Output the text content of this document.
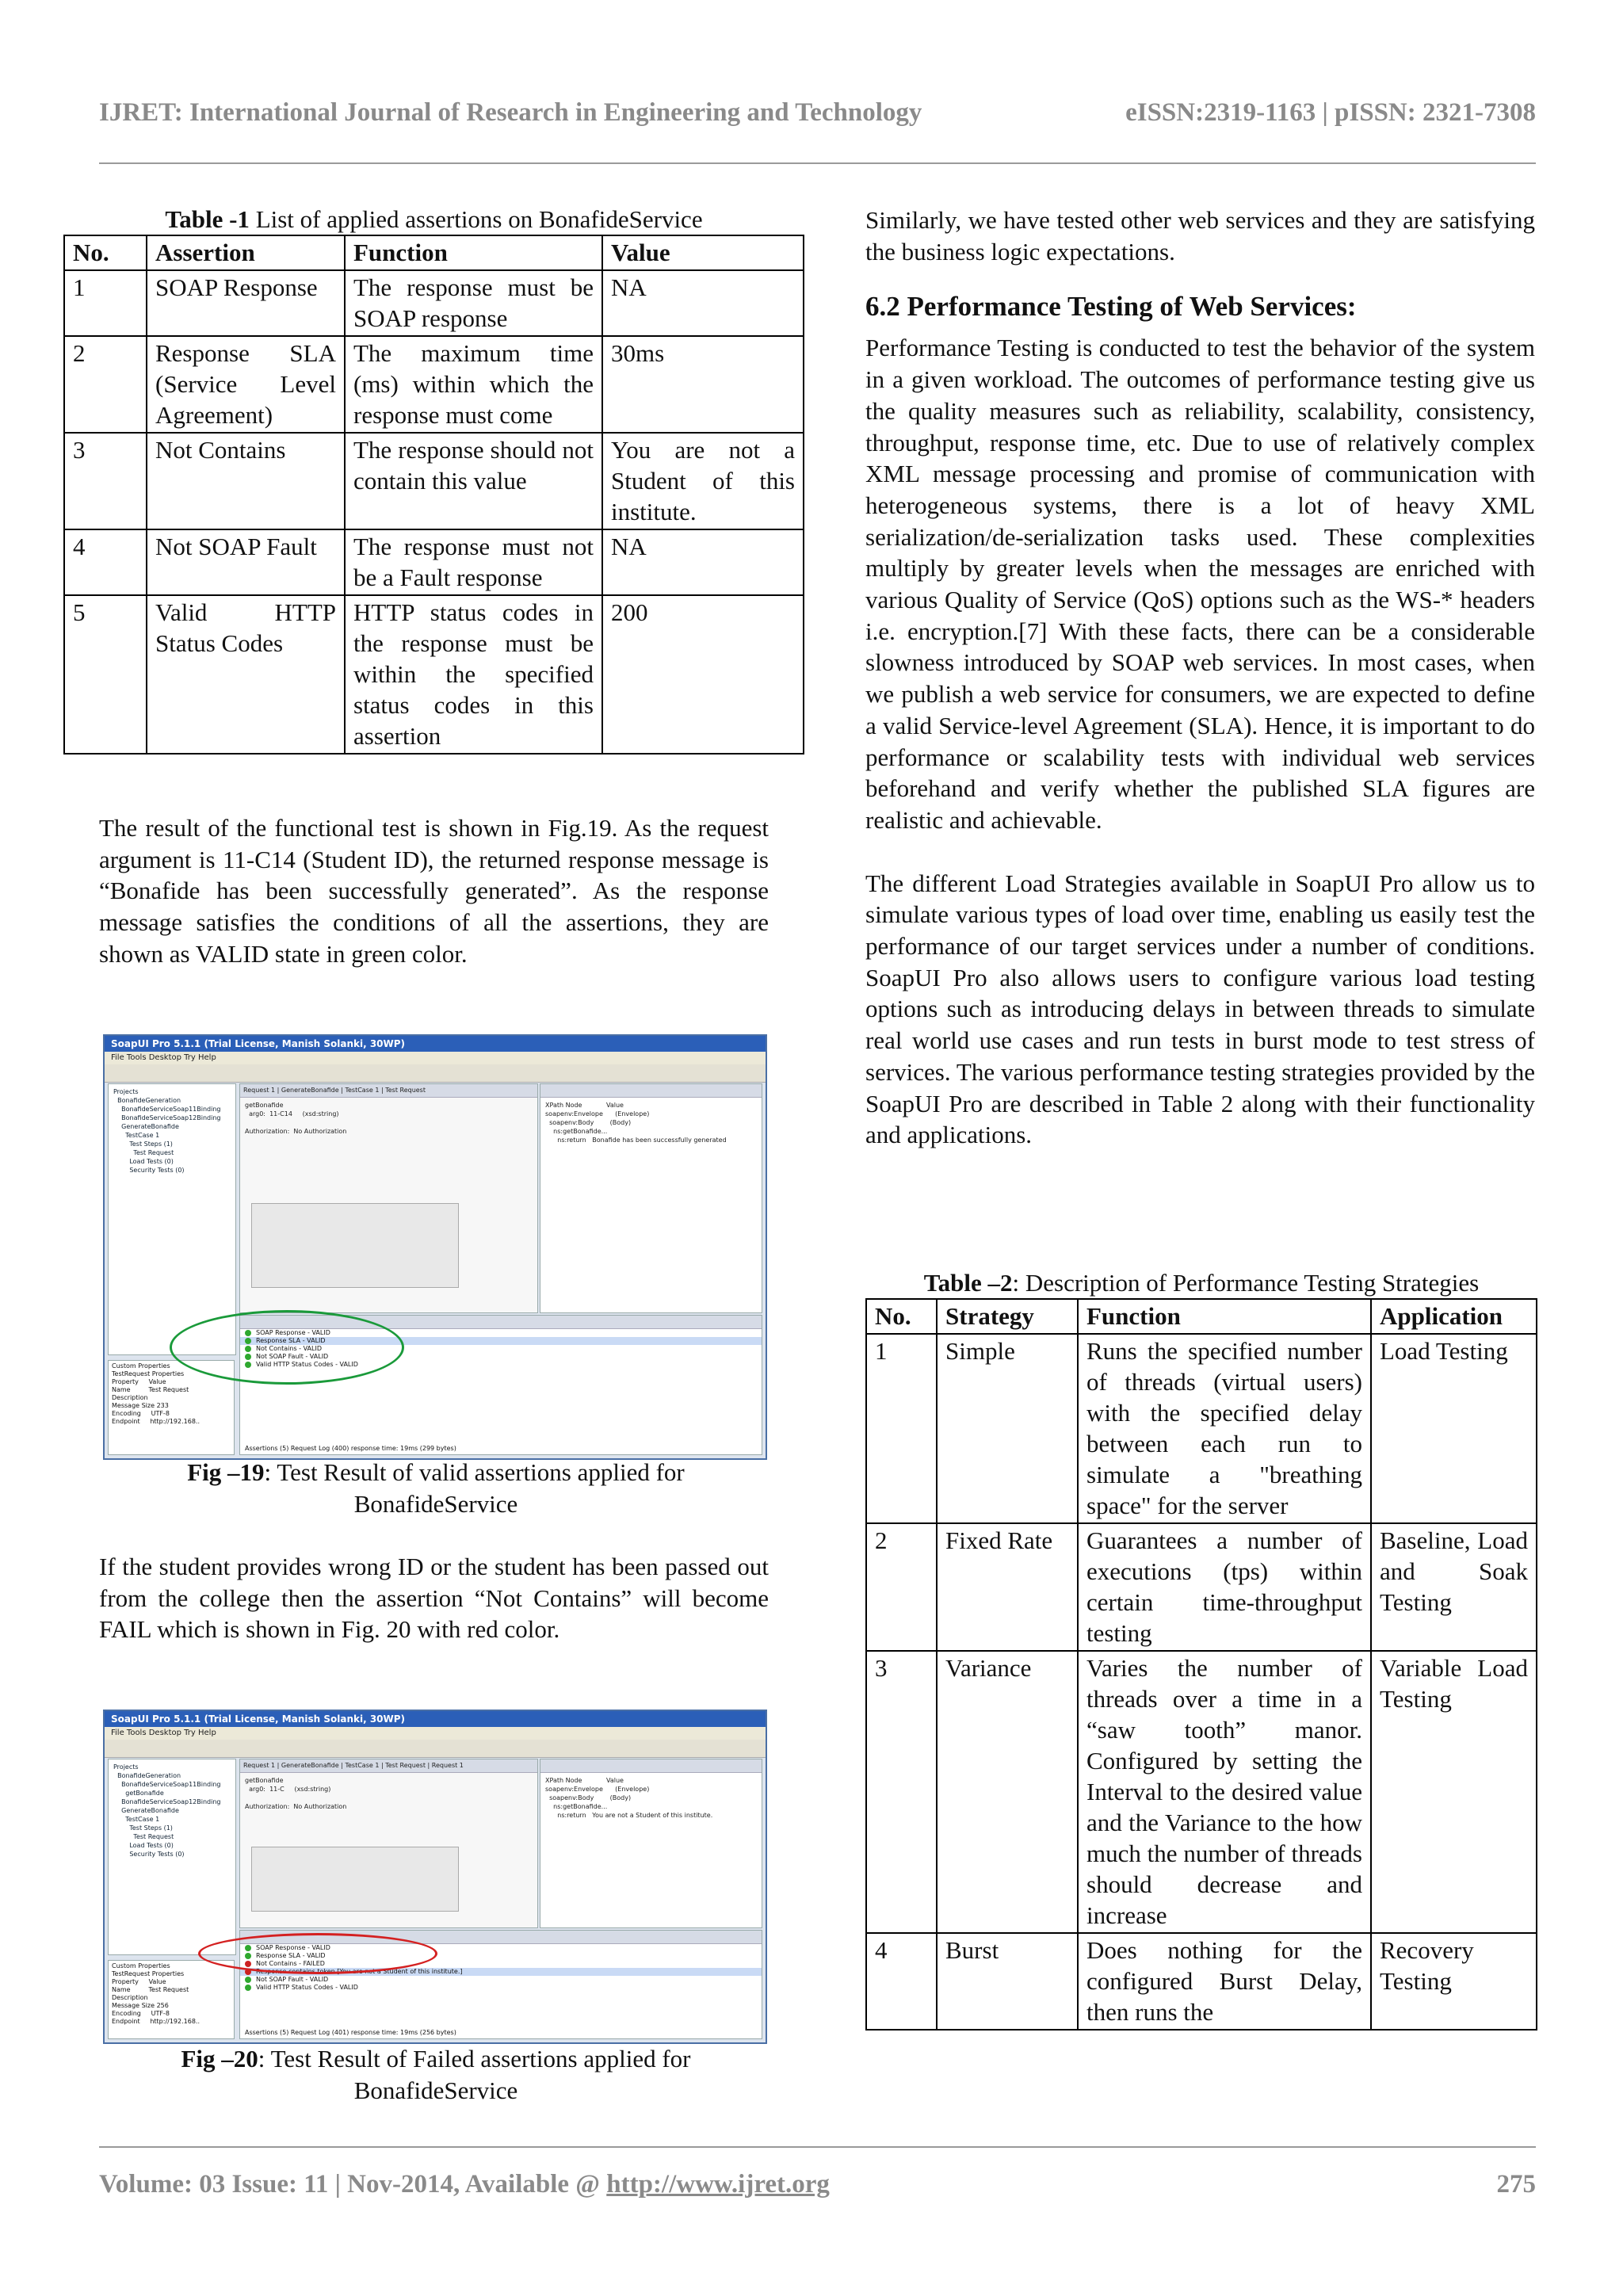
IJRET: International Journal of Research in Engineering and Technology	eISSN:2319-1163 | pISSN: 2321-7308
Table -1 List of applied assertions on BonafideService
No.	Assertion	Function	Value
1	SOAP Response	The response must be SOAP response	NA
2	Response SLA (Service Level Agreement)	The maximum time (ms) within which the response must come	30ms
3	Not Contains	The response should not contain this value	You are not a Student of this institute.
4	Not SOAP Fault	The response must not be a Fault response	NA
5	Valid HTTP Status Codes	HTTP status codes in the response must be within the specified status codes in this assertion	200

The result of the functional test is shown in Fig.19. As the request argument is 11-C14 (Student ID), the returned response message is “Bonafide has been successfully generated”. As the response message satisfies the conditions of all the assertions, they are shown as VALID state in green color.

SoapUI Pro 5.1.1 (Trial License, Manish Solanki, 30WP)
File Tools Desktop Try Help
Projects
BonafideGeneration
BonafideServiceSoap11Binding
BonafideServiceSoap12Binding
GenerateBonafide
TestCase 1
Test Steps (1)
Test Request
Load Tests (0)
Security Tests (0)
Custom Properties
TestRequest Properties
Property     Value
Name         Test Request
Description
Message Size 233
Encoding     UTF-8
Endpoint     http://192.168..
Request 1 | GenerateBonafide | TestCase 1 | Test Request
getBonafide
arg0:  11-C14     (xsd:string)

Authorization:  No Authorization
XPath Node            Value
soapenv:Envelope      (Envelope)
soapenv:Body        (Body)
ns:getBonafide...
ns:return   Bonafide has been successfully generated
SOAP Response - VALID
Response SLA - VALID
Not Contains - VALID
Not SOAP Fault - VALID
Valid HTTP Status Codes - VALID
Assertions (5) Request Log (400) response time: 19ms (299 bytes)
Fig –19: Test Result of valid assertions applied for BonafideService

If the student provides wrong ID or the student has been passed out from the college then the assertion “Not Contains” will become FAIL which is shown in Fig. 20 with red color.

SoapUI Pro 5.1.1 (Trial License, Manish Solanki, 30WP)
File Tools Desktop Try Help
Projects
BonafideGeneration
BonafideServiceSoap11Binding
getBonafide
BonafideServiceSoap12Binding
GenerateBonafide
TestCase 1
Test Steps (1)
Test Request
Load Tests (0)
Security Tests (0)
Custom Properties
TestRequest Properties
Property     Value
Name         Test Request
Description
Message Size 256
Encoding     UTF-8
Endpoint     http://192.168..
Request 1 | GenerateBonafide | TestCase 1 | Test Request | Request 1
getBonafide
arg0:  11-C     (xsd:string)

Authorization:  No Authorization
XPath Node            Value
soapenv:Envelope      (Envelope)
soapenv:Body        (Body)
ns:getBonafide...
ns:return   You are not a Student of this institute.
SOAP Response - VALID
Response SLA - VALID
Not Contains - FAILED
Response contains token [You are not a Student of this institute.]
Not SOAP Fault - VALID
Valid HTTP Status Codes - VALID
Assertions (5) Request Log (401) response time: 19ms (256 bytes)
Fig –20: Test Result of Failed assertions applied for BonafideService

Similarly, we have tested other web services and they are satisfying the business logic expectations.

6.2 Performance Testing of Web Services:

Performance Testing is conducted to test the behavior of the system in a given workload. The outcomes of performance testing give us the quality measures such as reliability, scalability, consistency, throughput, response time, etc. Due to use of relatively complex XML message processing and promise of communication with heterogeneous systems, there is a lot of heavy XML serialization/de-serialization tasks used. These complexities multiply by greater levels when the messages are enriched with various Quality of Service (QoS) options such as the WS-* headers i.e. encryption.[7] With these facts, there can be a considerable slowness introduced by SOAP web services. In most cases, when we publish a web service for consumers, we are expected to define a valid Service-level Agreement (SLA). Hence, it is important to do performance or scalability tests with individual web services beforehand and verify whether the published SLA figures are realistic and achievable.

The different Load Strategies available in SoapUI Pro allow us to simulate various types of load over time, enabling us easily test the performance of our target services under a number of conditions. SoapUI Pro also allows users to configure various load testing options such as introducing delays in between threads to simulate real world use cases and run tests in burst mode to test stress of services. The various performance testing strategies provided by the SoapUI Pro are described in Table 2 along with their functionality and applications.

Table –2: Description of Performance Testing Strategies
No.	Strategy	Function	Application
1	Simple	Runs the specified number of threads (virtual users) with the specified delay between each run to simulate a "breathing space" for the server	Load Testing
2	Fixed Rate	Guarantees a number of executions (tps) within certain time-throughput testing	Baseline, Load and Soak Testing
3	Variance	Varies the number of threads over a time in a “saw tooth” manor. Configured by setting the Interval to the desired value and the Variance to the how much the number of threads should decrease and increase	Variable Load Testing
4	Burst	Does nothing for the configured Burst Delay, then runs the	Recovery Testing
Volume: 03 Issue: 11 | Nov-2014, Available @ http://www.ijret.org	275
